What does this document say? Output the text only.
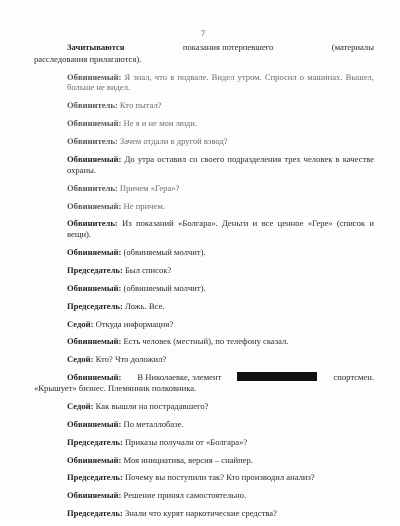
7
Зачитываются	показания потерпевшего	(материалы
расследования прилагаются).
Обвиняемый: Я знал, что в подвале. Видел утром. Спросил о машинах. Вышел, больше не видел.
Обвинитель: Кто пытал?
Обвиняемый: Не я и не мои люди.
Обвинитель: Зачем отдали в другой взвод?
Обвиняемый: До утра оставил со своего подразделения трех человек в качестве охраны.
Обвинитель: Причем «Гера»?
Обвиняемый: Не причем.
Обвинитель: Из показаний «Болгара». Деньги и все ценное «Гере» (список и вещи).
Обвиняемый: (обвиняемый молчит).
Председатель: Был список?
Обвиняемый: (обвиняемый молчит).
Председатель: Ложь. Все.
Седой: Откуда информация?
Обвиняемый: Есть человек (местный), по телефону сказал.
Седой: Кто? Что доложил?
Обвиняемый: В Николаевке, элемент	спортсмен.
«Крышует» бизнес. Племянник полковника.
Седой: Как вышли на пострадавшего?
Обвиняемый: По металлобазе.
Председатель: Приказы получали от «Болгара»?
Обвиняемый: Моя инициатива, версия – снайпер.
Председатель: Почему вы поступили так? Кто производил анализ?
Обвиняемый: Решение принял самостоятельно.
Председатель: Знали что курят наркотические средства?
